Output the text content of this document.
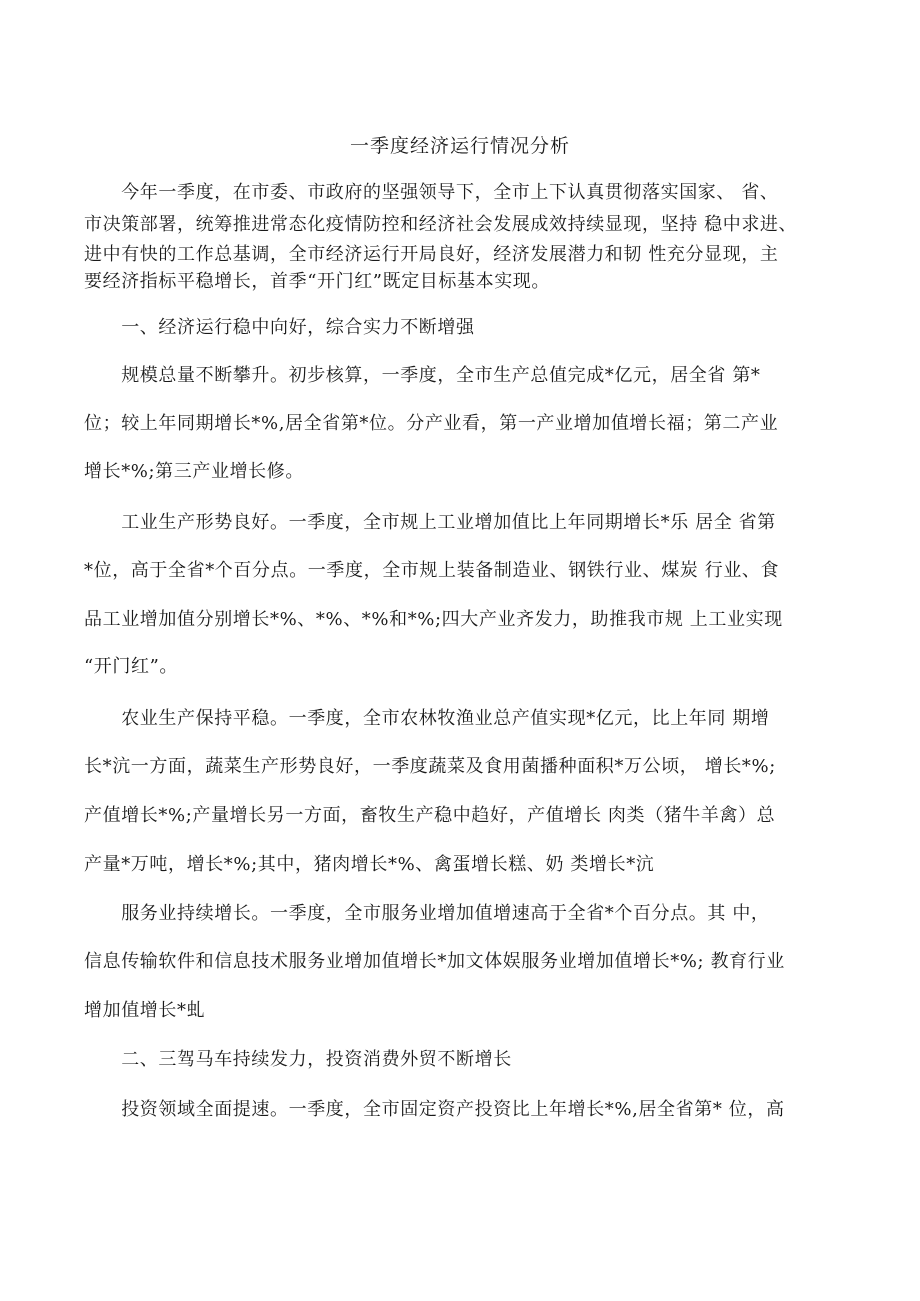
一季度经济运行情况分析
　　今年一季度，在市委、市政府的坚强领导下，全市上下认真贯彻落实国家、 省、
市决策部署，统筹推进常态化疫情防控和经济社会发展成效持续显现，坚持 稳中求进、
进中有快的工作总基调，全市经济运行开局良好，经济发展潜力和韧 性充分显现，主
要经济指标平稳增长，首季“开门红”既定目标基本实现。
　　一、经济运行稳中向好，综合实力不断增强
　　规模总量不断攀升。初步核算，一季度，全市生产总值完成*亿元，居全省 第*
位；较上年同期增长*%,居全省第*位。分产业看，第一产业增加值增长福；第二产业
增长*%;第三产业增长修。
　　工业生产形势良好。一季度，全市规上工业增加值比上年同期增长*乐 居全 省第
*位，高于全省*个百分点。一季度，全市规上装备制造业、钢铁行业、煤炭 行业、食
品工业增加值分别增长*%、*%、*%和*%;四大产业齐发力，助推我市规 上工业实现
“开门红”。
　　农业生产保持平稳。一季度，全市农林牧渔业总产值实现*亿元，比上年同 期增
长*沆一方面，蔬菜生产形势良好，一季度蔬菜及食用菌播种面积*万公顷， 增长*%;
产值增长*%;产量增长另一方面，畜牧生产稳中趋好，产值增长 肉类（猪牛羊禽）总
产量*万吨，增长*%;其中，猪肉增长*%、禽蛋增长糕、奶 类增长*沆
　　服务业持续增长。一季度，全市服务业增加值增速高于全省*个百分点。其 中，
信息传输软件和信息技术服务业增加值增长*加文体娱服务业增加值增长*%; 教育行业
增加值增长*虬
　　二、三驾马车持续发力，投资消费外贸不断增长
　　投资领域全面提速。一季度，全市固定资产投资比上年增长*%,居全省第* 位，高
